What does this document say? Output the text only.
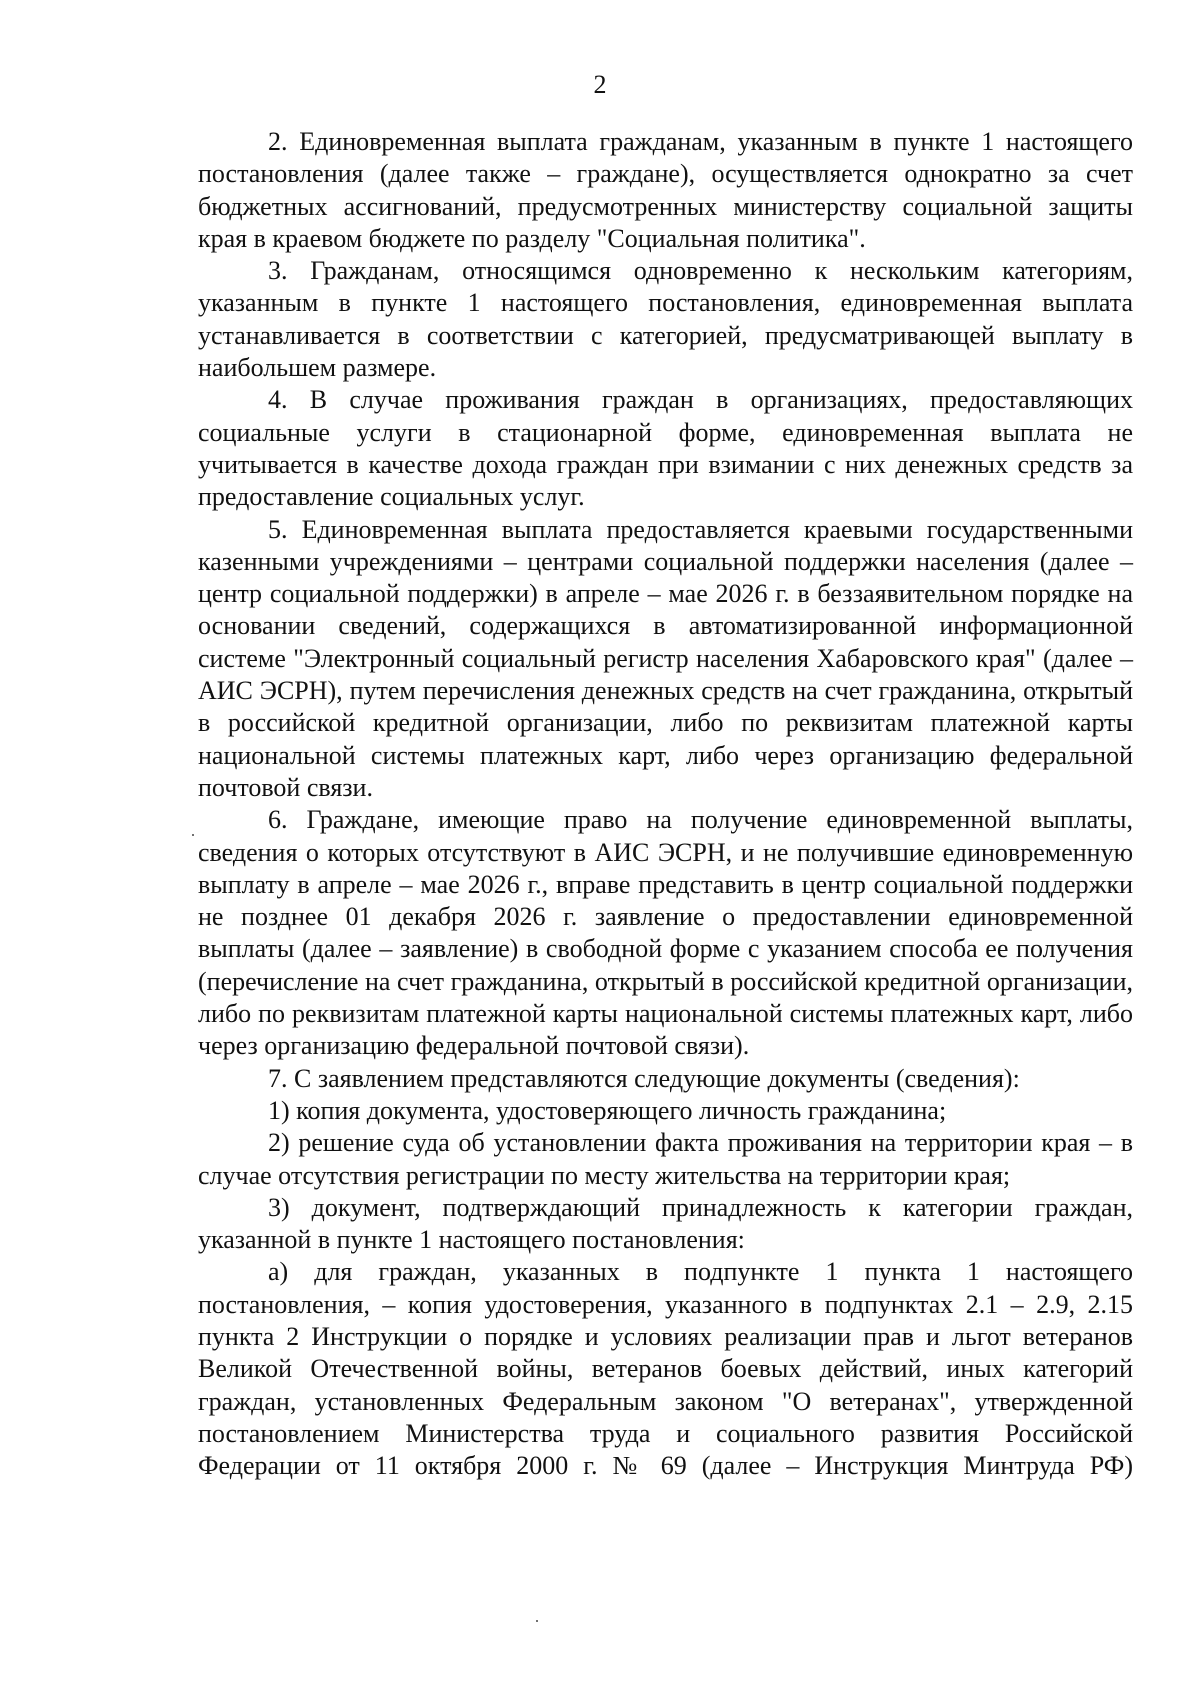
2

2. Единовременная выплата гражданам, указанным в пункте 1 настоящего постановления (далее также – граждане), осуществляется однократно за счет бюджетных ассигнований, предусмотренных министерству социальной защиты края в краевом бюджете по разделу "Социальная политика".

3. Гражданам, относящимся одновременно к нескольким категориям, указанным в пункте 1 настоящего постановления, единовременная выплата устанавливается в соответствии с категорией, предусматривающей выплату в наибольшем размере.

4. В случае проживания граждан в организациях, предоставляющих социальные услуги в стационарной форме, единовременная выплата не учитывается в качестве дохода граждан при взимании с них денежных средств за предоставление социальных услуг.

5. Единовременная выплата предоставляется краевыми государственными казенными учреждениями – центрами социальной поддержки населения (далее – центр социальной поддержки) в апреле – мае 2026 г. в беззаявительном порядке на основании сведений, содержащихся в автоматизированной информационной системе "Электронный социальный регистр населения Хабаровского края" (далее – АИС ЭСРН), путем перечисления денежных средств на счет гражданина, открытый в российской кредитной организации, либо по реквизитам платежной карты национальной системы платежных карт, либо через организацию федеральной почтовой связи.

6. Граждане, имеющие право на получение единовременной выплаты, сведения о которых отсутствуют в АИС ЭСРН, и не получившие единовременную выплату в апреле – мае 2026 г., вправе представить в центр социальной поддержки не позднее 01 декабря 2026 г. заявление о предоставлении единовременной выплаты (далее – заявление) в свободной форме с указанием способа ее получения (перечисление на счет гражданина, открытый в российской кредитной организации, либо по реквизитам платежной карты национальной системы платежных карт, либо через организацию федеральной почтовой связи).

7. С заявлением представляются следующие документы (сведения):

1) копия документа, удостоверяющего личность гражданина;

2) решение суда об установлении факта проживания на территории края – в случае отсутствия регистрации по месту жительства на территории края;

3) документ, подтверждающий принадлежность к категории граждан, указанной в пункте 1 настоящего постановления:

а) для граждан, указанных в подпункте 1 пункта 1 настоящего постановления, – копия удостоверения, указанного в подпунктах 2.1 – 2.9, 2.15 пункта 2 Инструкции о порядке и условиях реализации прав и льгот ветеранов Великой Отечественной войны, ветеранов боевых действий, иных категорий граждан, установленных Федеральным законом "О ветеранах", утвержденной постановлением Министерства труда и социального развития Российской Федерации от 11 октября 2000 г. № 69 (далее – Инструкция Минтруда РФ)
